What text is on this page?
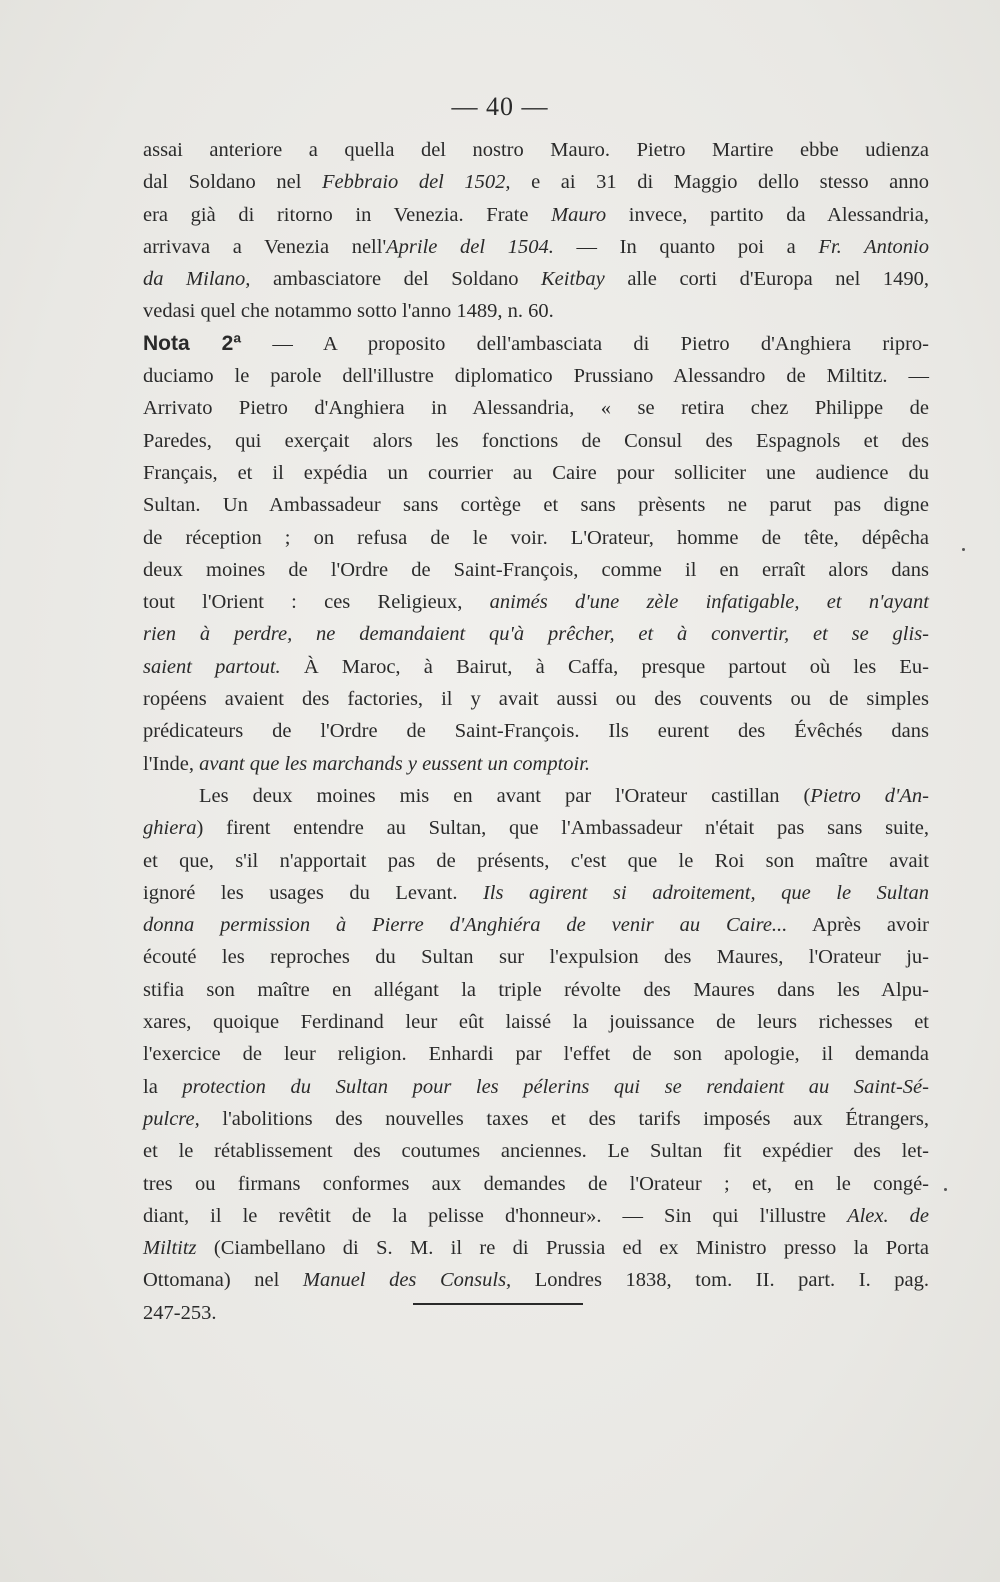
— 40 —
assai anteriore a quella del nostro Mauro. Pietro Martire ebbe udienza
dal Soldano nel Febbraio del 1502, e ai 31 di Maggio dello stesso anno
era già di ritorno in Venezia. Frate Mauro invece, partito da Alessandria,
arrivava a Venezia nell'Aprile del 1504. — In quanto poi a Fr. Antonio
da Milano, ambasciatore del Soldano Keitbay alle corti d'Europa nel 1490,
vedasi quel che notammo sotto l'anno 1489, n. 60.
Nota 2ª — A proposito dell'ambasciata di Pietro d'Anghiera ripro-
duciamo le parole dell'illustre diplomatico Prussiano Alessandro de Miltitz. —
Arrivato Pietro d'Anghiera in Alessandria, « se retira chez Philippe de
Paredes, qui exerçait alors les fonctions de Consul des Espagnols et des
Français, et il expédia un courrier au Caire pour solliciter une audience du
Sultan. Un Ambassadeur sans cortège et sans prèsents ne parut pas digne
de réception ; on refusa de le voir. L'Orateur, homme de tête, dépêcha
deux moines de l'Ordre de Saint-François, comme il en erraît alors dans
tout l'Orient : ces Religieux, animés d'une zèle infatigable, et n'ayant
rien à perdre, ne demandaient qu'à prêcher, et à convertir, et se glis-
saient partout. À Maroc, à Bairut, à Caffa, presque partout où les Eu-
ropéens avaient des factories, il y avait aussi ou des couvents ou de simples
prédicateurs de l'Ordre de Saint-François. Ils eurent des Évêchés dans
l'Inde, avant que les marchands y eussent un comptoir.
Les deux moines mis en avant par l'Orateur castillan (Pietro d'An-
ghiera) firent entendre au Sultan, que l'Ambassadeur n'était pas sans suite,
et que, s'il n'apportait pas de présents, c'est que le Roi son maître avait
ignoré les usages du Levant. Ils agirent si adroitement, que le Sultan
donna permission à Pierre d'Anghiéra de venir au Caire... Après avoir
écouté les reproches du Sultan sur l'expulsion des Maures, l'Orateur ju-
stifia son maître en allégant la triple révolte des Maures dans les Alpu-
xares, quoique Ferdinand leur eût laissé la jouissance de leurs richesses et
l'exercice de leur religion. Enhardi par l'effet de son apologie, il demanda
la protection du Sultan pour les pélerins qui se rendaient au Saint-Sé-
pulcre, l'abolitions des nouvelles taxes et des tarifs imposés aux Étrangers,
et le rétablissement des coutumes anciennes. Le Sultan fit expédier des let-
tres ou firmans conformes aux demandes de l'Orateur ; et, en le congé-
diant, il le revêtit de la pelisse d'honneur». — Sin qui l'illustre Alex. de
Miltitz (Ciambellano di S. M. il re di Prussia ed ex Ministro presso la Porta
Ottomana) nel Manuel des Consuls, Londres 1838, tom. II. part. I. pag.
247-253.
